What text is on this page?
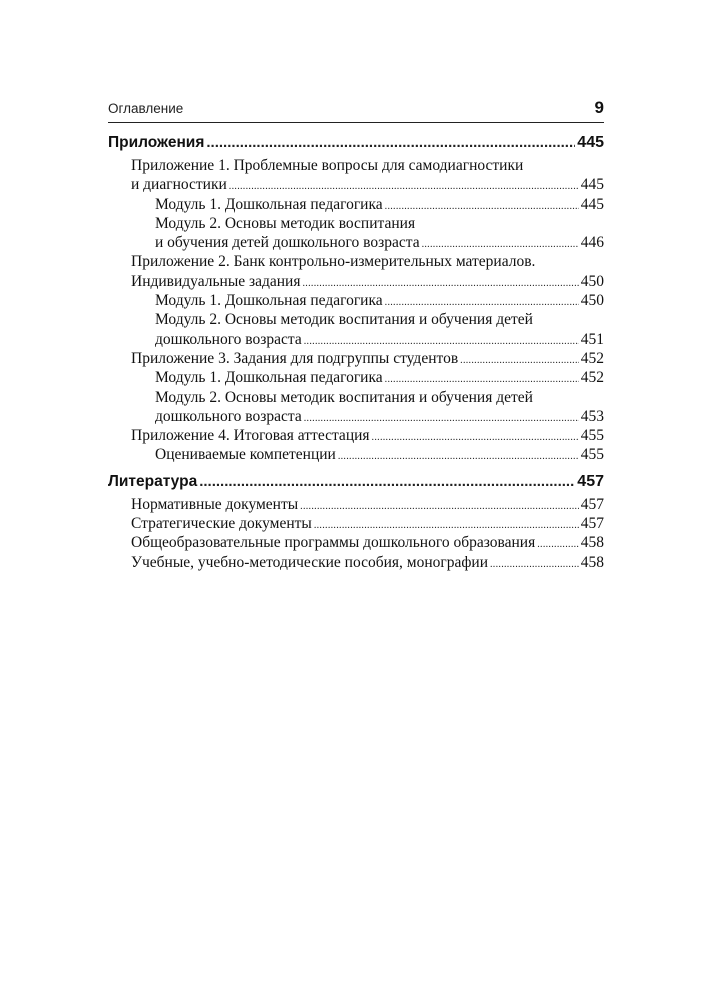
Оглавление	9
Приложения .....	445
Приложение 1. Проблемные вопросы для самодиагностики
и диагностики .....	445
Модуль 1. Дошкольная педагогика .....	445
Модуль 2. Основы методик воспитания
и обучения детей дошкольного возраста .....	446
Приложение 2. Банк контрольно-измерительных материалов.
Индивидуальные задания .....	450
Модуль 1. Дошкольная педагогика .....	450
Модуль 2. Основы методик воспитания и обучения детей
дошкольного возраста .....	451
Приложение 3. Задания для подгруппы студентов .....	452
Модуль 1. Дошкольная педагогика .....	452
Модуль 2. Основы методик воспитания и обучения детей
дошкольного возраста .....	453
Приложение 4. Итоговая аттестация .....	455
Оцениваемые компетенции .....	455
Литература .....	457
Нормативные документы .....	457
Стратегические документы .....	457
Общеобразовательные программы дошкольного образования .....	458
Учебные, учебно-методические пособия, монографии .....	458
